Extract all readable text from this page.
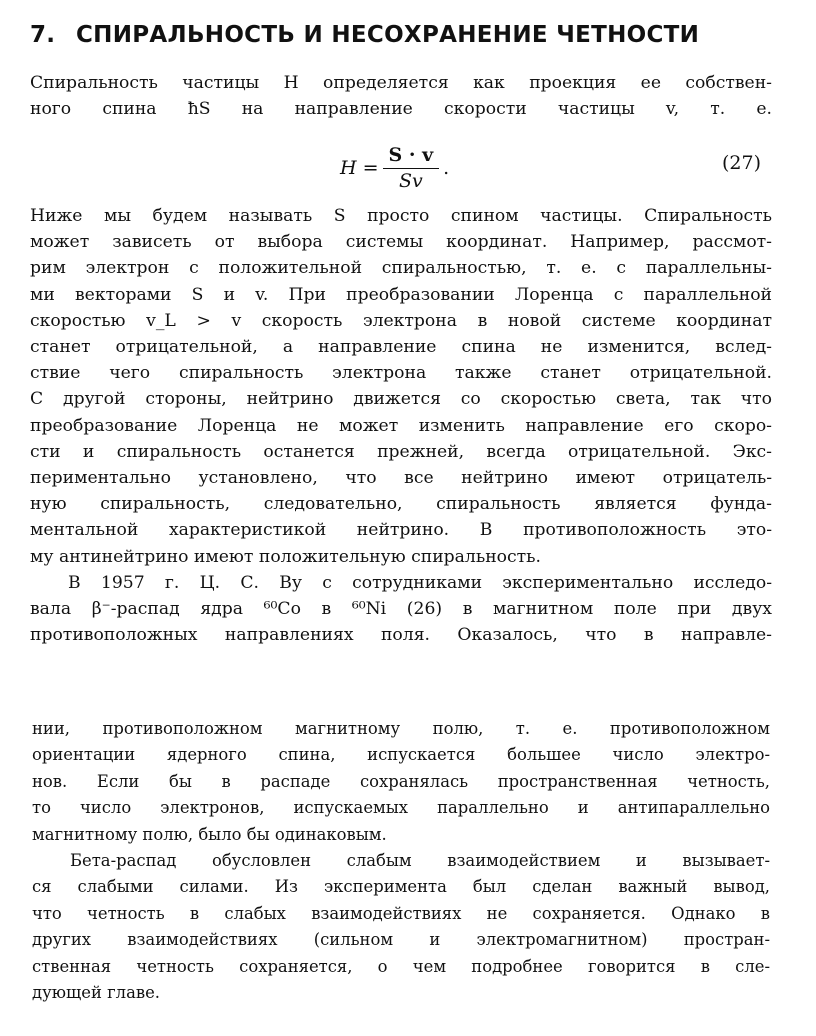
7. СПИРАЛЬНОСТЬ И НЕСОХРАНЕНИЕ ЧЕТНОСТИ

Спиральность частицы H определяется как проекция ее собствен-

ного спина ħS на направление скорости частицы v, т. е.

$H = \frac{S \cdot v}{Sv}$ .	(27)

Ниже мы будем называть S просто спином частицы. Спиральность

может зависеть от выбора системы координат. Например, рассмот-

рим электрон с положительной спиральностью, т. е. с параллельны-

ми векторами S и v. При преобразовании Лоренца с параллельной

скоростью v_L > v скорость электрона в новой системе координат

станет отрицательной, а направление спина не изменится, вслед-

ствие чего спиральность электрона также станет отрицательной.

С другой стороны, нейтрино движется со скоростью света, так что

преобразование Лоренца не может изменить направление его скоро-

сти и спиральность останется прежней, всегда отрицательной. Экс-

периментально установлено, что все нейтрино имеют отрицатель-

ную спиральность, следовательно, спиральность является фунда-

ментальной характеристикой нейтрино. В противоположность это-

му антинейтрино имеют положительную спиральность.

В 1957 г. Ц. С. Ву с сотрудниками экспериментально исследо-

вала β⁻-распад ядра ⁶⁰Co в ⁶⁰Ni (26) в магнитном поле при двух

противоположных направлениях поля. Оказалось, что в направле-

нии, противоположном магнитному полю, т. е. противоположном

ориентации ядерного спина, испускается большее число электро-

нов. Если бы в распаде сохранялась пространственная четность,

то число электронов, испускаемых параллельно и антипараллельно

магнитному полю, было бы одинаковым.

Бета-распад обусловлен слабым взаимодействием и вызывает-

ся слабыми силами. Из эксперимента был сделан важный вывод,

что четность в слабых взаимодействиях не сохраняется. Однако в

других взаимодействиях (сильном и электромагнитном) простран-

ственная четность сохраняется, о чем подробнее говорится в сле-

дующей главе.
